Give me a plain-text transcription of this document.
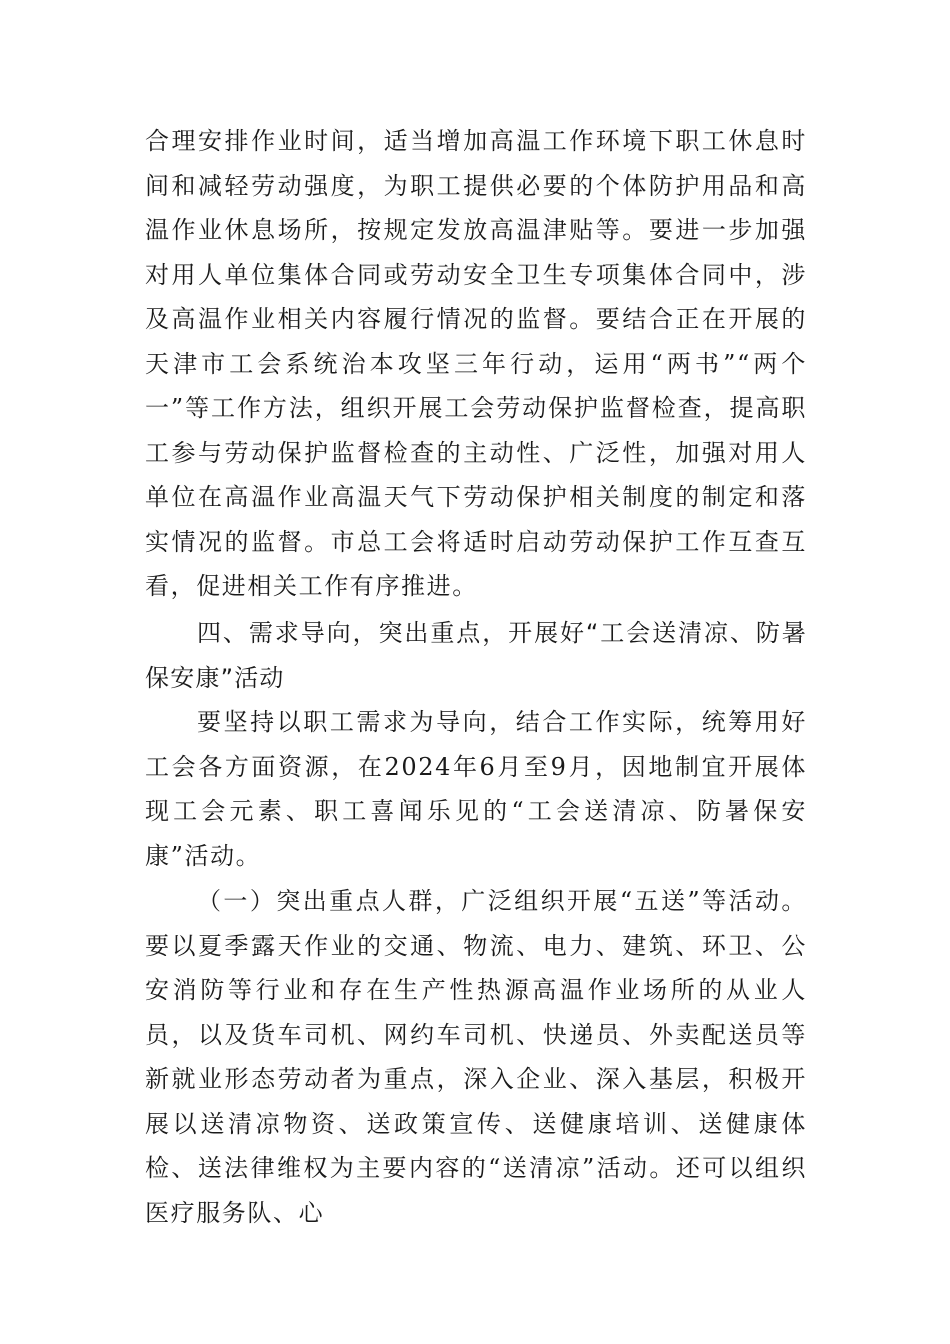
合理安排作业时间，适当增加高温工作环境下职工休息时间和减轻劳动强度，为职工提供必要的个体防护用品和高温作业休息场所，按规定发放高温津贴等。要进一步加强对用人单位集体合同或劳动安全卫生专项集体合同中，涉及高温作业相关内容履行情况的监督。要结合正在开展的天津市工会系统治本攻坚三年行动，运用“两书”“两个一”等工作方法，组织开展工会劳动保护监督检查，提高职工参与劳动保护监督检查的主动性、广泛性，加强对用人单位在高温作业高温天气下劳动保护相关制度的制定和落实情况的监督。市总工会将适时启动劳动保护工作互查互看，促进相关工作有序推进。

四、需求导向，突出重点，开展好“工会送清凉、防暑保安康”活动

要坚持以职工需求为导向，结合工作实际，统筹用好工会各方面资源，在2024年6月至9月，因地制宜开展体现工会元素、职工喜闻乐见的“工会送清凉、防暑保安康”活动。

（一）突出重点人群，广泛组织开展“五送”等活动。要以夏季露天作业的交通、物流、电力、建筑、环卫、公安消防等行业和存在生产性热源高温作业场所的从业人员，以及货车司机、网约车司机、快递员、外卖配送员等新就业形态劳动者为重点，深入企业、深入基层，积极开展以送清凉物资、送政策宣传、送健康培训、送健康体检、送法律维权为主要内容的“送清凉”活动。还可以组织医疗服务队、心
